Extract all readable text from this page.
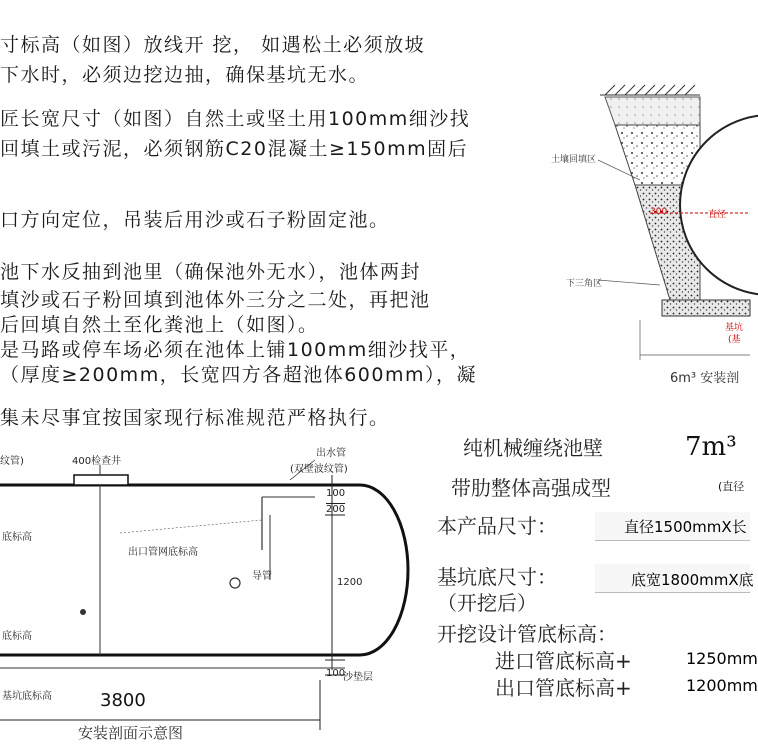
寸标高（如图）放线开 挖， 如遇松土必须放坡
下水时，必须边挖边抽，确保基坑无水。
匠长宽尺寸（如图）自然土或坚土用100mm细沙找
回填土或污泥，必须钢筋C20混凝土≥150mm固后
口方向定位，吊装后用沙或石子粉固定池。
池下水反抽到池里（确保池外无水），池体两封
填沙或石子粉回填到池体外三分之二处，再把池
后回填自然土至化粪池上（如图）。
是马路或停车场必须在池体上铺100mm细沙找平，
（厚度≥200mm，长宽四方各超池体600mm），凝
集未尽事宜按国家现行标准规范严格执行。
土壤回填区
300	直径
下三角区
基坑
(基
6m³ 安装剖
纹管)	400检查井
出水管
(双壁波纹管)
100
200
底标高
出口管网底标高
导管
1200
底标高
基坑底标高
100
沙垫层
3800
安装剖面示意图
纯机械缠绕池壁
带肋整体高强成型
7m³
(直径
本产品尺寸：	直径1500mmX长
基坑底尺寸：	底宽1800mmX底
（开挖后）
开挖设计管底标高：
进口管底标高+	1250mm
出口管底标高+	1200mm
